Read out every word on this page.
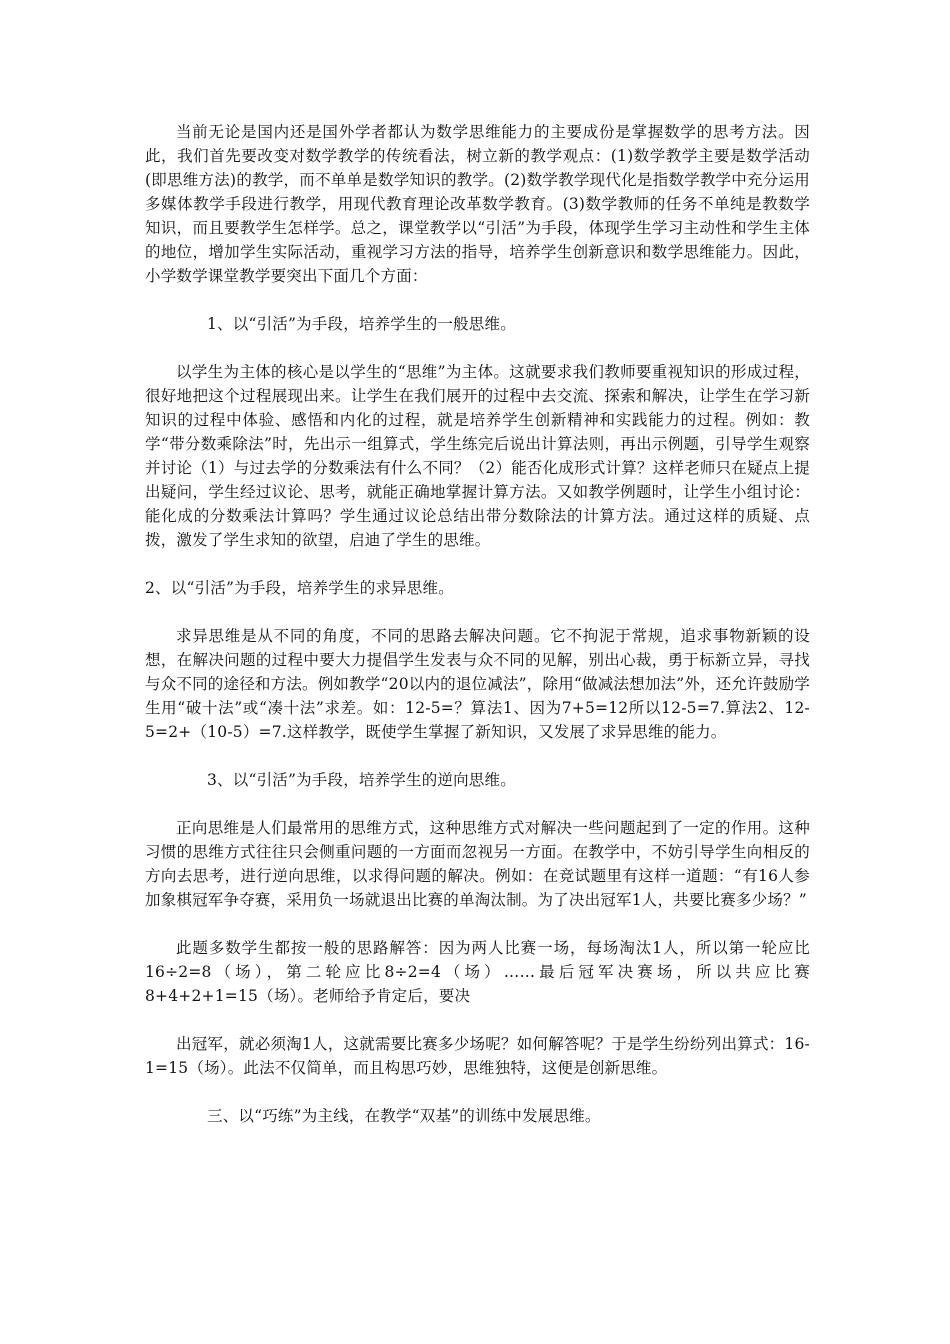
当前无论是国内还是国外学者都认为数学思维能力的主要成份是掌握数学的思考方法。因此，我们首先要改变对数学教学的传统看法，树立新的教学观点：(1)数学教学主要是数学活动(即思维方法)的教学，而不单单是数学知识的教学。(2)数学教学现代化是指数学教学中充分运用多媒体教学手段进行教学，用现代教育理论改革数学教育。(3)数学教师的任务不单纯是教数学知识，而且要教学生怎样学。总之，课堂教学以“引活”为手段，体现学生学习主动性和学生主体的地位，增加学生实际活动，重视学习方法的指导，培养学生创新意识和数学思维能力。因此，小学数学课堂教学要突出下面几个方面：

1、以“引活”为手段，培养学生的一般思维。

以学生为主体的核心是以学生的“思维”为主体。这就要求我们教师要重视知识的形成过程，很好地把这个过程展现出来。让学生在我们展开的过程中去交流、探索和解决，让学生在学习新知识的过程中体验、感悟和内化的过程，就是培养学生创新精神和实践能力的过程。例如：教学“带分数乘除法”时，先出示一组算式，学生练完后说出计算法则，再出示例题，引导学生观察并讨论（1）与过去学的分数乘法有什么不同？（2）能否化成形式计算？这样老师只在疑点上提出疑问，学生经过议论、思考，就能正确地掌握计算方法。又如教学例题时，让学生小组讨论：能化成的分数乘法计算吗？学生通过议论总结出带分数除法的计算方法。通过这样的质疑、点拨，激发了学生求知的欲望，启迪了学生的思维。

2、以“引活”为手段，培养学生的求异思维。

求异思维是从不同的角度，不同的思路去解决问题。它不拘泥于常规，追求事物新颖的设想，在解决问题的过程中要大力提倡学生发表与众不同的见解，别出心裁，勇于标新立异，寻找与众不同的途径和方法。例如教学“20以内的退位减法”，除用“做减法想加法”外，还允许鼓励学生用“破十法”或“凑十法”求差。如：12-5=？算法1、因为7+5=12所以12-5=7.算法2、12-5=2+（10-5）=7.这样教学，既使学生掌握了新知识，又发展了求异思维的能力。

3、以“引活”为手段，培养学生的逆向思维。

正向思维是人们最常用的思维方式，这种思维方式对解决一些问题起到了一定的作用。这种习惯的思维方式往往只会侧重问题的一方面而忽视另一方面。在教学中，不妨引导学生向相反的方向去思考，进行逆向思维，以求得问题的解决。例如：在竞试题里有这样一道题：“有16人参加象棋冠军争夺赛，采用负一场就退出比赛的单淘汰制。为了决出冠军1人，共要比赛多少场？”

此题多数学生都按一般的思路解答：因为两人比赛一场，每场淘汰1人，所以第一轮应比16÷2=8（场），第二轮应比8÷2=4（场）……最后冠军决赛场，所以共应比赛8+4+2+1=15（场）。老师给予肯定后，要决

出冠军，就必须淘1人，这就需要比赛多少场呢？如何解答呢？于是学生纷纷列出算式：16-1=15（场）。此法不仅简单，而且构思巧妙，思维独特，这便是创新思维。

三、以“巧练”为主线，在教学“双基”的训练中发展思维。
